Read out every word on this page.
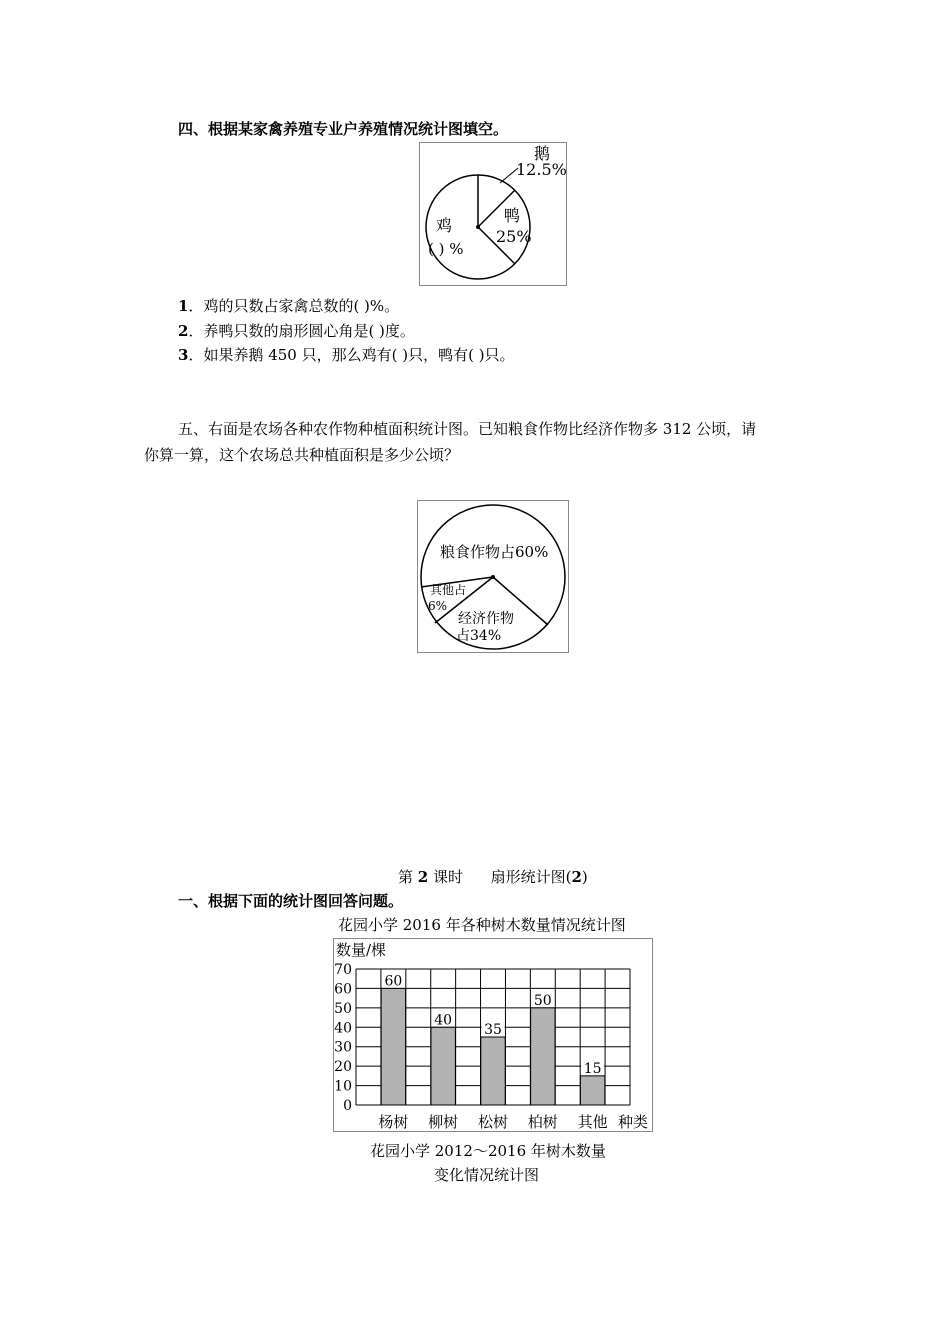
四、根据某家禽养殖专业户养殖情况统计图填空。
鹅
12.5%
鸭
25%
鸡
( ) %
1．鸡的只数占家禽总数的( )%。
2．养鸭只数的扇形圆心角是( )度。
3．如果养鹅 450 只，那么鸡有( )只，鸭有( )只。
五、右面是农场各种农作物种植面积统计图。已知粮食作物比经济作物多 312 公顷，请
你算一算，这个农场总共种植面积是多少公顷？
粮食作物占60%
其他占
6%
经济作物
占34%
第 2 课时 扇形统计图(2)
一、根据下面的统计图回答问题。
花园小学 2016 年各种树木数量情况统计图
数量/棵
种类
0
10
20
30
40
50
60
70
60
杨树
40
柳树
35
松树
50
柏树
15
其他
花园小学 2012～2016 年树木数量
变化情况统计图
